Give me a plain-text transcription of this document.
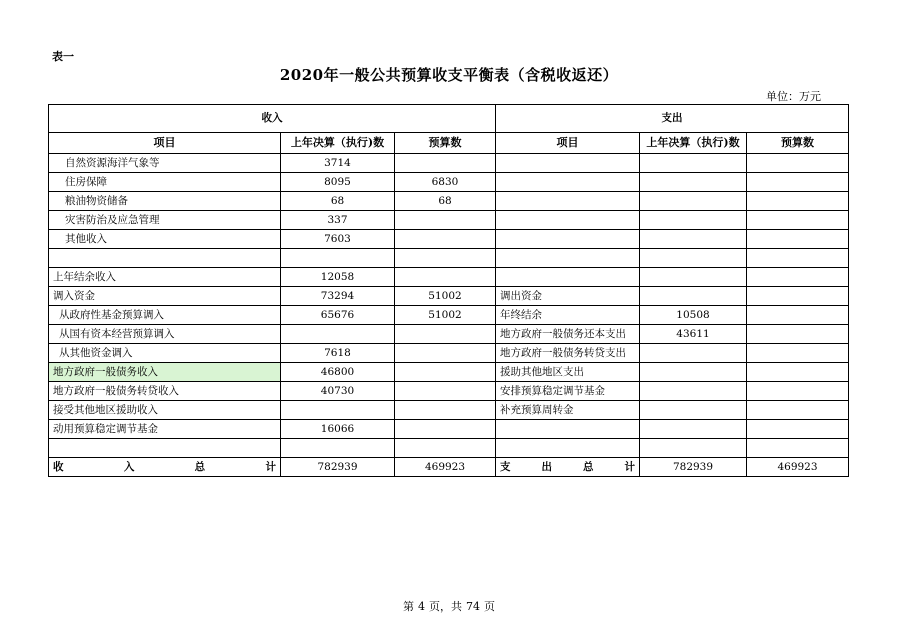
表一
2020年一般公共预算收支平衡表（含税收返还）
单位：万元
收入			支出		
项目	上年决算（执行)数	预算数	项目	上年决算（执行)数	预算数
自然资源海洋气象等	3714				
住房保障	8095	6830			
粮油物资储备	68	68			
灾害防治及应急管理	337				
其他收入	7603				

上年结余收入	12058				
调入资金	73294	51002	调出资金		
从政府性基金预算调入	65676	51002	年终结余	10508	
从国有资本经营预算调入			地方政府一般债务还本支出	43611	
从其他资金调入	7618		地方政府一般债务转贷支出		
地方政府一般债务收入	46800		援助其他地区支出		
地方政府一般债务转贷收入	40730		安排预算稳定调节基金		
接受其他地区援助收入			补充预算周转金		
动用预算稳定调节基金	16066				

收 入 总 计	782939	469923	支 出 总 计	782939	469923
第 4 页，共 74 页
